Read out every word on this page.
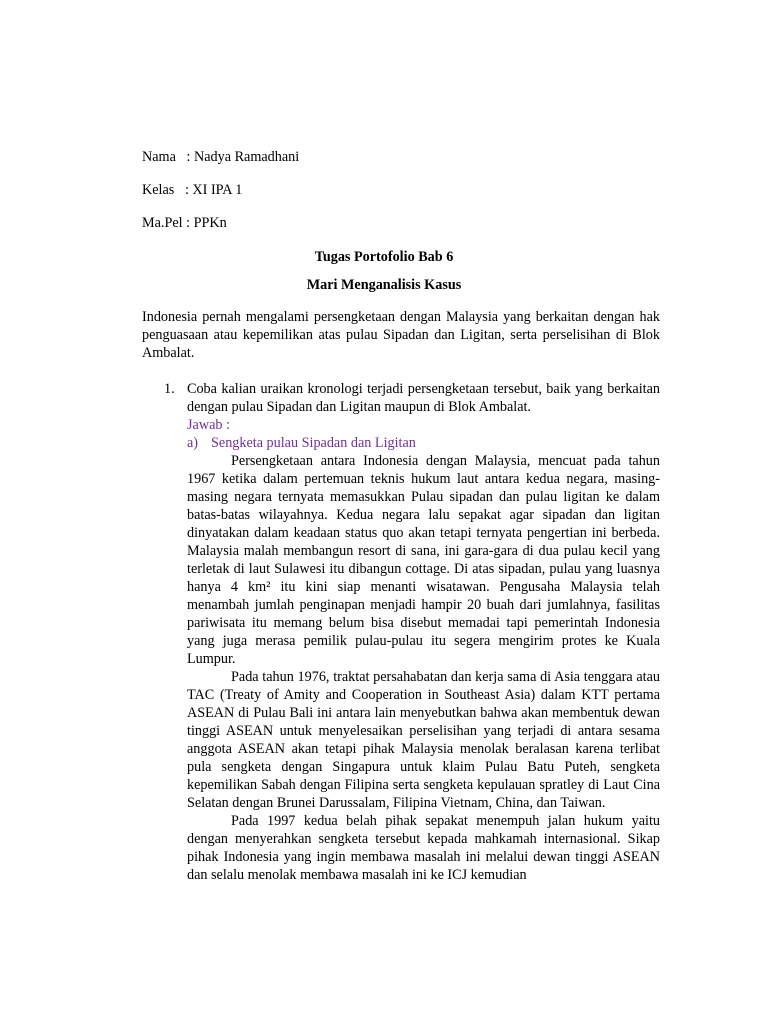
Nama   : Nadya Ramadhani
Kelas   : XI IPA 1
Ma.Pel : PPKn
Tugas Portofolio Bab 6
Mari Menganalisis Kasus
Indonesia pernah mengalami persengketaan dengan Malaysia yang berkaitan dengan hak penguasaan atau kepemilikan atas pulau Sipadan dan Ligitan, serta perselisihan di Blok Ambalat.
1. Coba kalian uraikan kronologi terjadi persengketaan tersebut, baik yang berkaitan dengan pulau Sipadan dan Ligitan maupun di Blok Ambalat.
Jawab :
a) Sengketa pulau Sipadan dan Ligitan

Persengketaan antara Indonesia dengan Malaysia, mencuat pada tahun 1967 ketika dalam pertemuan teknis hukum laut antara kedua negara, masing-masing negara ternyata memasukkan Pulau sipadan dan pulau ligitan ke dalam batas-batas wilayahnya. Kedua negara lalu sepakat agar sipadan dan ligitan dinyatakan dalam keadaan status quo akan tetapi ternyata pengertian ini berbeda. Malaysia malah membangun resort di sana, ini gara-gara di dua pulau kecil yang terletak di laut Sulawesi itu dibangun cottage. Di atas sipadan, pulau yang luasnya hanya 4 km² itu kini siap menanti wisatawan. Pengusaha Malaysia telah menambah jumlah penginapan menjadi hampir 20 buah dari jumlahnya, fasilitas pariwisata itu memang belum bisa disebut memadai tapi pemerintah Indonesia yang juga merasa pemilik pulau-pulau itu segera mengirim protes ke Kuala Lumpur.

Pada tahun 1976, traktat persahabatan dan kerja sama di Asia tenggara atau TAC (Treaty of Amity and Cooperation in Southeast Asia) dalam KTT pertama ASEAN di Pulau Bali ini antara lain menyebutkan bahwa akan membentuk dewan tinggi ASEAN untuk menyelesaikan perselisihan yang terjadi di antara sesama anggota ASEAN akan tetapi pihak Malaysia menolak beralasan karena terlibat pula sengketa dengan Singapura untuk klaim Pulau Batu Puteh, sengketa kepemilikan Sabah dengan Filipina serta sengketa kepulauan spratley di Laut Cina Selatan dengan Brunei Darussalam, Filipina Vietnam, China, dan Taiwan.

Pada 1997 kedua belah pihak sepakat menempuh jalan hukum yaitu dengan menyerahkan sengketa tersebut kepada mahkamah internasional. Sikap pihak Indonesia yang ingin membawa masalah ini melalui dewan tinggi ASEAN dan selalu menolak membawa masalah ini ke ICJ kemudian
